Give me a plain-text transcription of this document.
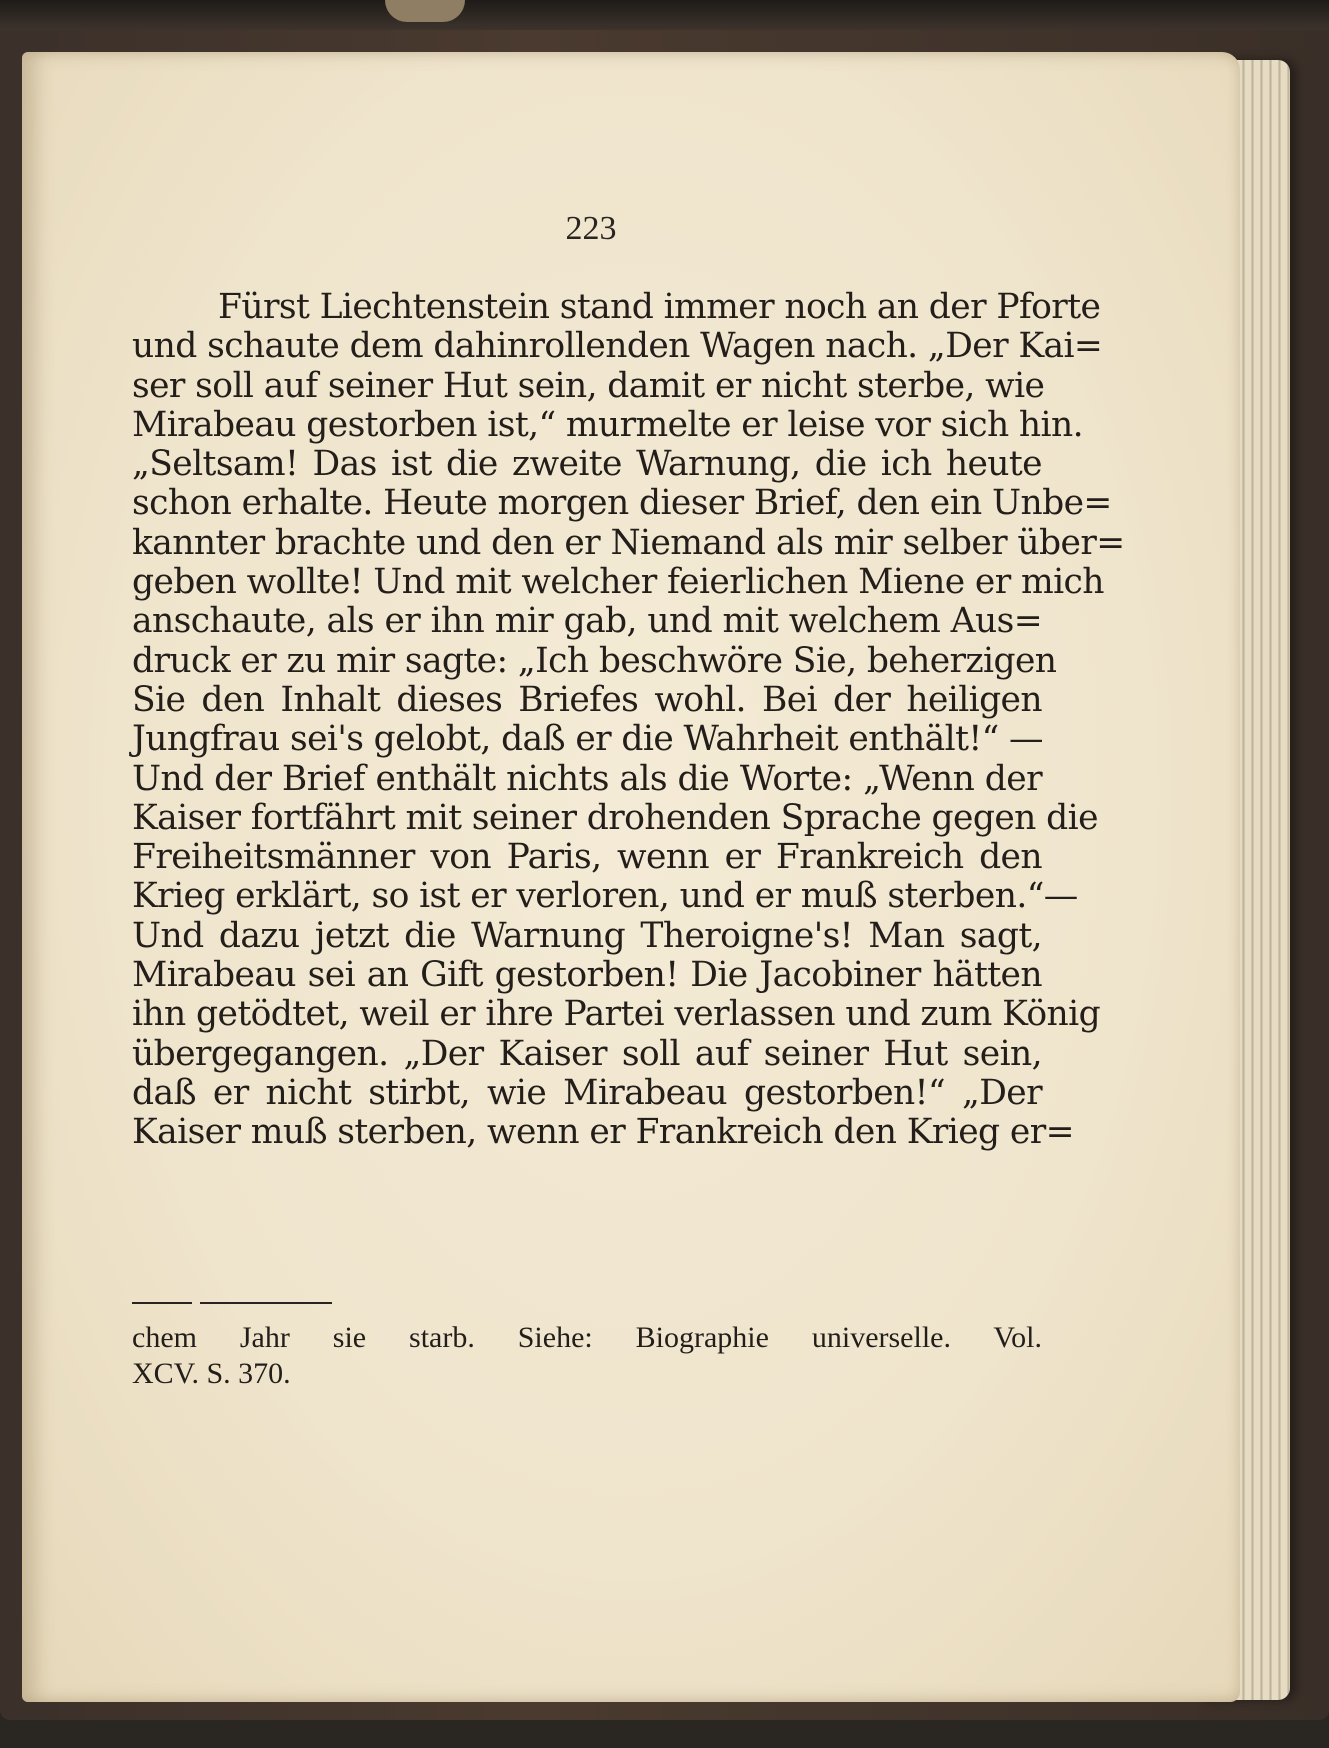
223
Fürst Liechtenstein stand immer noch an der Pforte
und schaute dem dahinrollenden Wagen nach. „Der Kai=
ser soll auf seiner Hut sein, damit er nicht sterbe, wie
Mirabeau gestorben ist,“ murmelte er leise vor sich hin.
„Seltsam! Das ist die zweite Warnung, die ich heute
schon erhalte. Heute morgen dieser Brief, den ein Unbe=
kannter brachte und den er Niemand als mir selber über=
geben wollte! Und mit welcher feierlichen Miene er mich
anschaute, als er ihn mir gab, und mit welchem Aus=
druck er zu mir sagte: „Ich beschwöre Sie, beherzigen
Sie den Inhalt dieses Briefes wohl. Bei der heiligen
Jungfrau sei's gelobt, daß er die Wahrheit enthält!“ —
Und der Brief enthält nichts als die Worte: „Wenn der
Kaiser fortfährt mit seiner drohenden Sprache gegen die
Freiheitsmänner von Paris, wenn er Frankreich den
Krieg erklärt, so ist er verloren, und er muß sterben.“—
Und dazu jetzt die Warnung Theroigne's! Man sagt,
Mirabeau sei an Gift gestorben! Die Jacobiner hätten
ihn getödtet, weil er ihre Partei verlassen und zum König
übergegangen. „Der Kaiser soll auf seiner Hut sein,
daß er nicht stirbt, wie Mirabeau gestorben!“ „Der
Kaiser muß sterben, wenn er Frankreich den Krieg er=
chem Jahr sie starb. Siehe: Biographie universelle. Vol.
XCV. S. 370.
